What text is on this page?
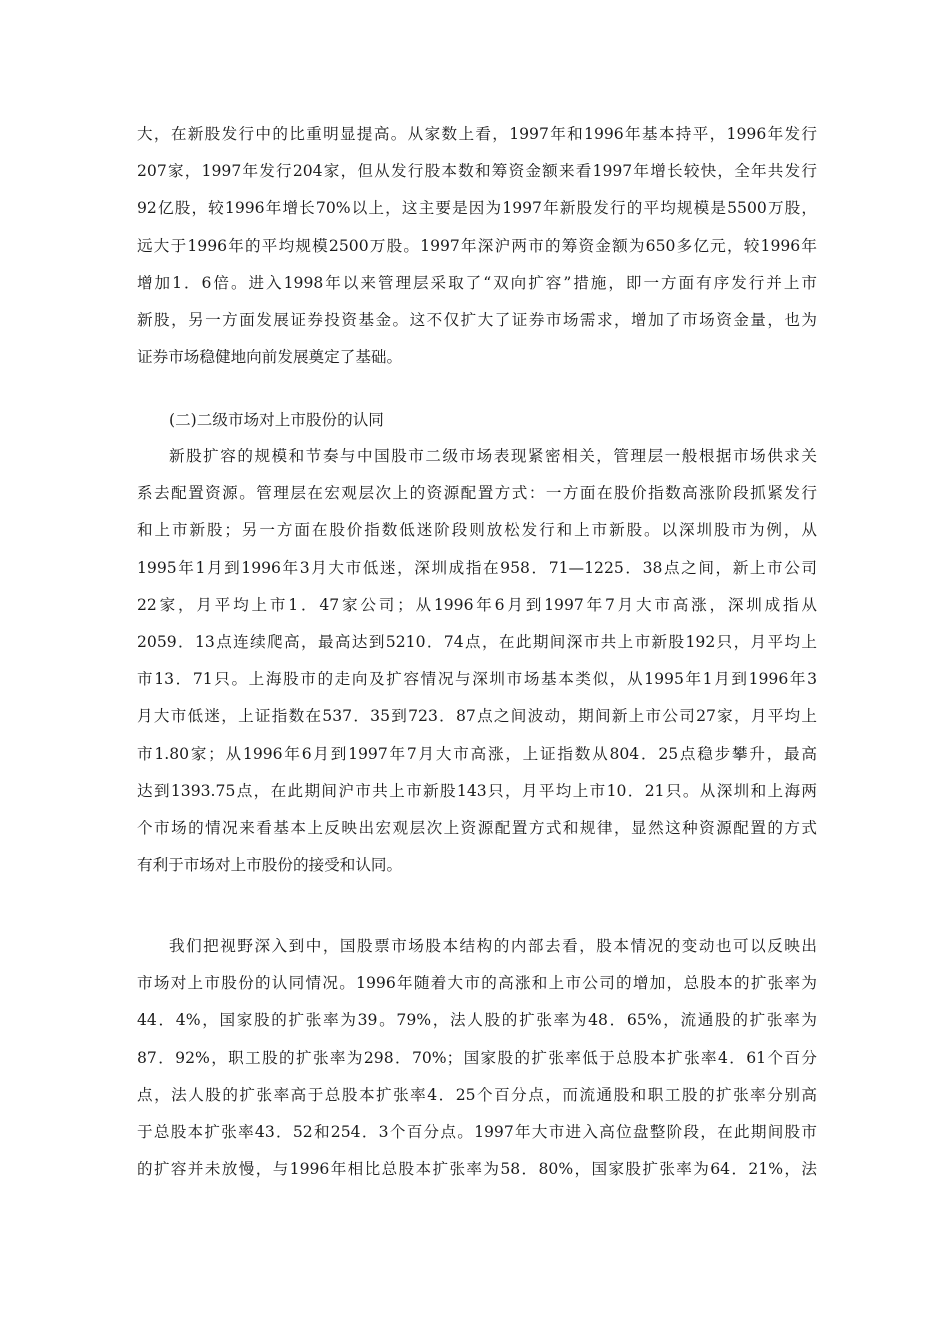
大，在新股发行中的比重明显提高。从家数上看，1997年和1996年基本持平，1996年发行
207家，1997年发行204家，但从发行股本数和筹资金额来看1997年增长较快，全年共发行
92亿股，较1996年增长70%以上，这主要是因为1997年新股发行的平均规模是5500万股，
远大于1996年的平均规模2500万股。1997年深沪两市的筹资金额为650多亿元，较1996年
增加1．6倍。进入1998年以来管理层采取了“双向扩容”措施，即一方面有序发行并上市
新股，另一方面发展证券投资基金。这不仅扩大了证券市场需求，增加了市场资金量，也为
证券市场稳健地向前发展奠定了基础。
(二)二级市场对上市股份的认同
新股扩容的规模和节奏与中国股市二级市场表现紧密相关，管理层一般根据市场供求关
系去配置资源。管理层在宏观层次上的资源配置方式：一方面在股价指数高涨阶段抓紧发行
和上市新股；另一方面在股价指数低迷阶段则放松发行和上市新股。以深圳股市为例，从
1995年1月到1996年3月大市低迷，深圳成指在958．71—1225．38点之间，新上市公司
22家，月平均上市1．47家公司；从1996年6月到1997年7月大市高涨，深圳成指从
2059．13点连续爬高，最高达到5210．74点，在此期间深市共上市新股192只，月平均上
市13．71只。上海股市的走向及扩容情况与深圳市场基本类似，从1995年1月到1996年3
月大市低迷，上证指数在537．35到723．87点之间波动，期间新上市公司27家，月平均上
市1.80家；从1996年6月到1997年7月大市高涨，上证指数从804．25点稳步攀升，最高
达到1393.75点，在此期间沪市共上市新股143只，月平均上市10．21只。从深圳和上海两
个市场的情况来看基本上反映出宏观层次上资源配置方式和规律，显然这种资源配置的方式
有利于市场对上市股份的接受和认同。
我们把视野深入到中，国股票市场股本结构的内部去看，股本情况的变动也可以反映出
市场对上市股份的认同情况。1996年随着大市的高涨和上市公司的增加，总股本的扩张率为
44．4%，国家股的扩张率为39。79%，法人股的扩张率为48．65%，流通股的扩张率为
87．92%，职工股的扩张率为298．70%；国家股的扩张率低于总股本扩张率4．61个百分
点，法人股的扩张率高于总股本扩张率4．25个百分点，而流通股和职工股的扩张率分别高
于总股本扩张率43．52和254．3个百分点。1997年大市进入高位盘整阶段，在此期间股市
的扩容并未放慢，与1996年相比总股本扩张率为58．80%，国家股扩张率为64．21%，法
